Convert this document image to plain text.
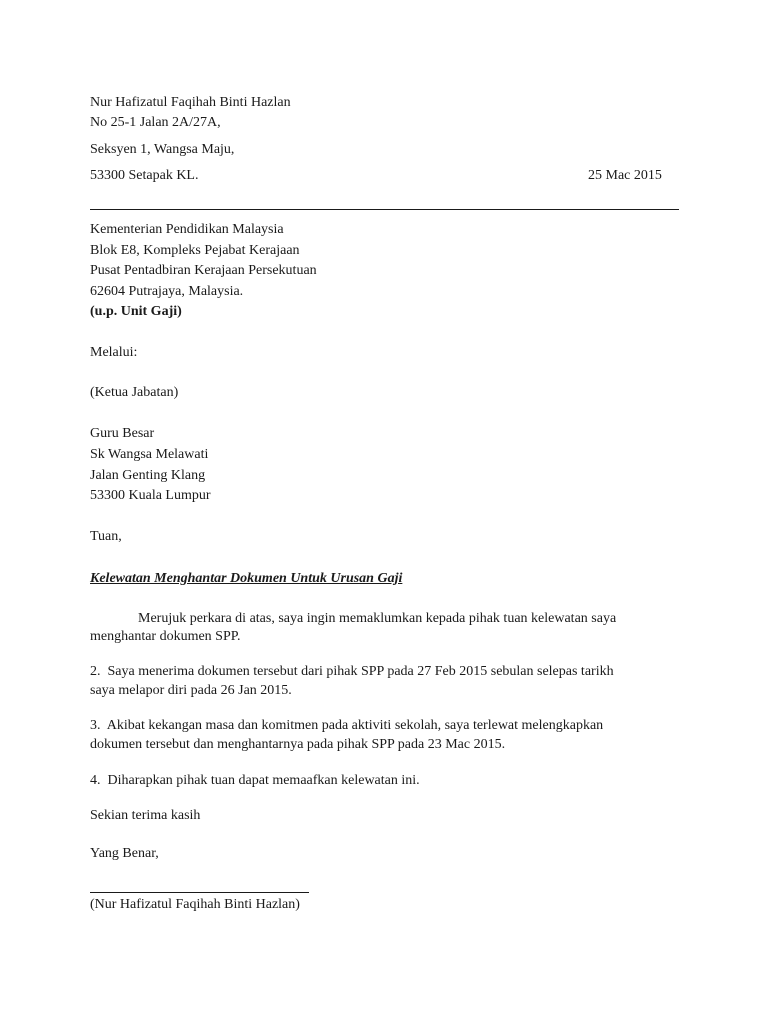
Nur Hafizatul Faqihah Binti Hazlan
No 25-1 Jalan 2A/27A,
Seksyen 1, Wangsa Maju,
53300 Setapak KL.	25 Mac 2015
Kementerian Pendidikan Malaysia
Blok E8, Kompleks Pejabat Kerajaan
Pusat Pentadbiran Kerajaan Persekutuan
62604 Putrajaya, Malaysia.
(u.p. Unit Gaji)
Melalui:
(Ketua Jabatan)
Guru Besar
Sk Wangsa Melawati
Jalan Genting Klang
53300 Kuala Lumpur
Tuan,
Kelewatan Menghantar Dokumen Untuk Urusan Gaji
Merujuk perkara di atas, saya ingin memaklumkan kepada pihak tuan kelewatan saya
menghantar dokumen SPP.
2.  Saya menerima dokumen tersebut dari pihak SPP pada 27 Feb 2015 sebulan selepas tarikh
saya melapor diri pada 26 Jan 2015.
3.  Akibat kekangan masa dan komitmen pada aktiviti sekolah, saya terlewat melengkapkan
dokumen tersebut dan menghantarnya pada pihak SPP pada 23 Mac 2015.
4.  Diharapkan pihak tuan dapat memaafkan kelewatan ini.
Sekian terima kasih
Yang Benar,
(Nur Hafizatul Faqihah Binti Hazlan)
